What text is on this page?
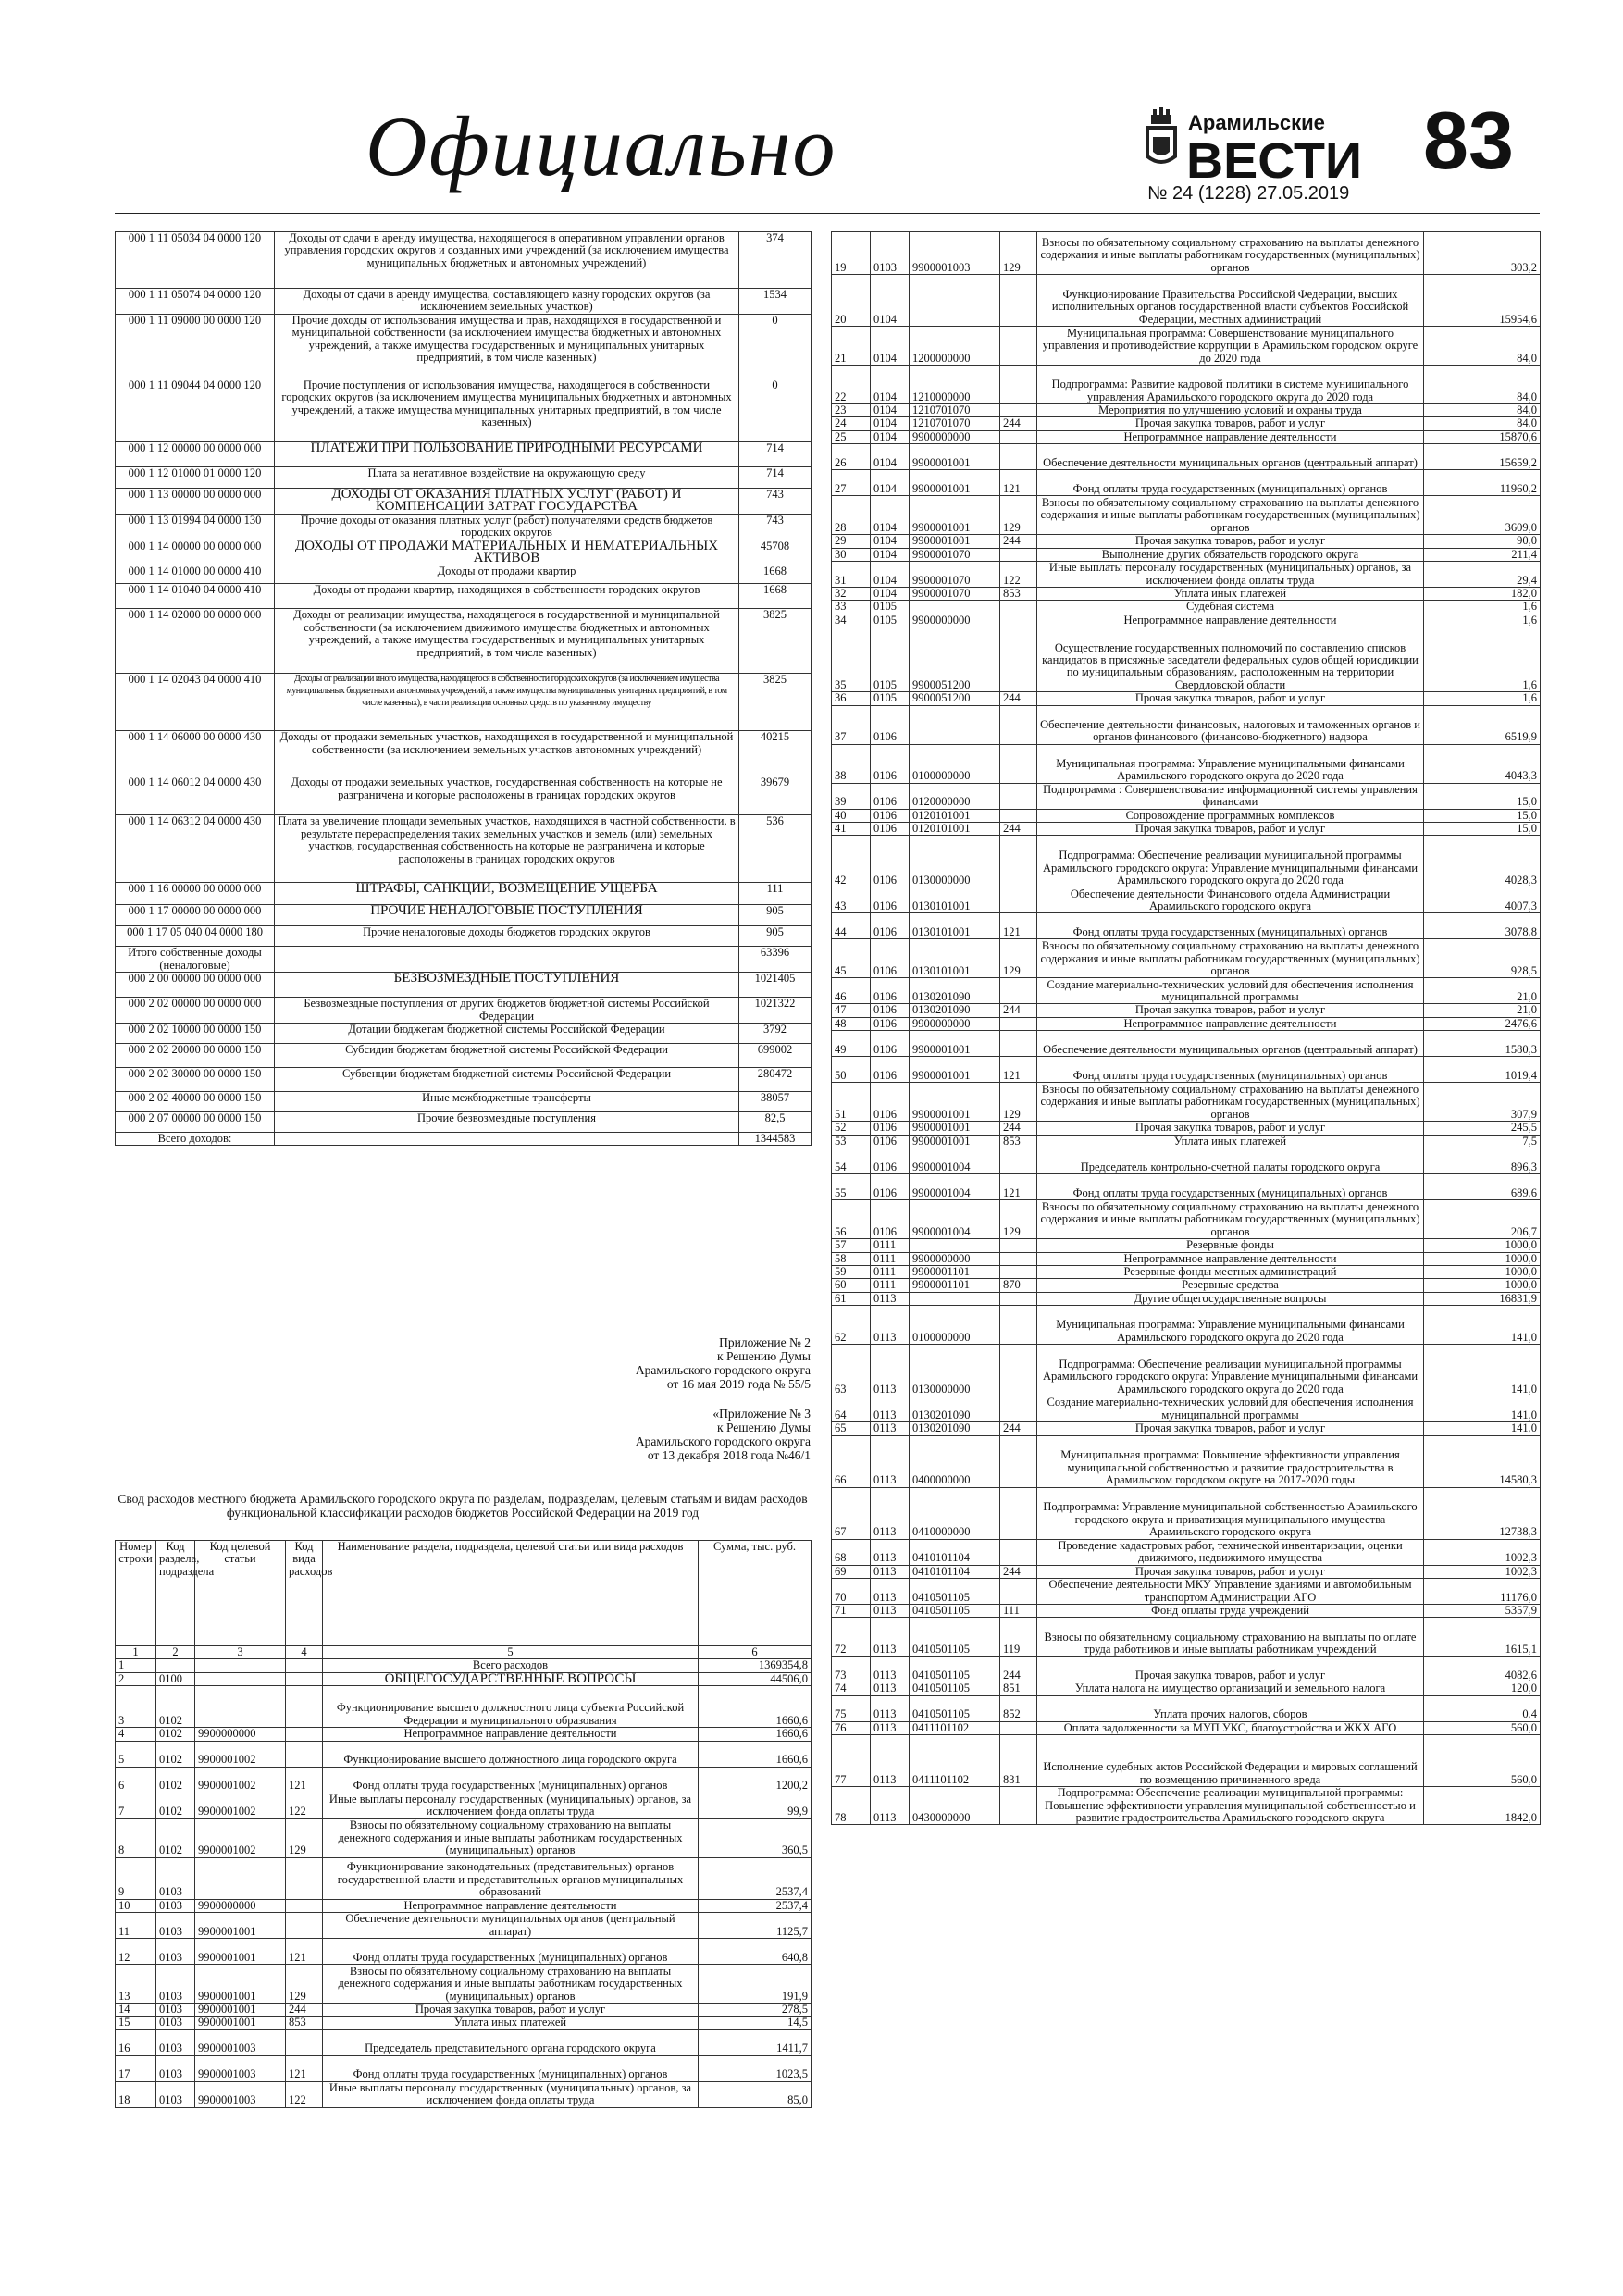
Официально	Арамильские
ВЕСТИ 83
№ 24 (1228) 27.05.2019
000 1 11 05034 04 0000 120	Доходы от сдачи в аренду имущества, находящегося в оперативном управлении органов управления городских округов и созданных ими учреждений (за исключением имущества муниципальных бюджетных и автономных учреждений)	374
000 1 11 05074 04 0000 120	Доходы от сдачи в аренду имущества, составляющего казну городских округов (за исключением земельных участков)	1534
000 1 11 09000 00 0000 120	Прочие доходы от использования имущества и прав, находящихся в государственной и муниципальной собственности (за исключением имущества бюджетных и автономных учреждений, а также имущества государственных и муниципальных унитарных предприятий, в том числе казенных)	0
000 1 11 09044 04 0000 120	Прочие поступления от использования имущества, находящегося в собственности городских округов (за исключением имущества муниципальных бюджетных и автономных учреждений, а также имущества муниципальных унитарных предприятий, в том числе казенных)	0
000 1 12 00000 00 0000 000	ПЛАТЕЖИ ПРИ ПОЛЬЗОВАНИЕ ПРИРОДНЫМИ РЕСУРСАМИ	714
000 1 12 01000 01 0000 120	Плата за негативное воздействие на окружающую среду	714
000 1 13 00000 00 0000 000	ДОХОДЫ ОТ ОКАЗАНИЯ ПЛАТНЫХ УСЛУГ (РАБОТ) И КОМПЕНСАЦИИ ЗАТРАТ ГОСУДАРСТВА	743
000 1 13 01994 04 0000 130	Прочие доходы от оказания платных услуг (работ) получателями средств бюджетов городских округов	743
000 1 14 00000 00 0000 000	ДОХОДЫ ОТ ПРОДАЖИ МАТЕРИАЛЬНЫХ И НЕМАТЕРИАЛЬНЫХ АКТИВОВ	45708
000 1 14 01000 00 0000 410	Доходы от продажи квартир	1668
000 1 14 01040 04 0000 410	Доходы от продажи квартир, находящихся в собственности городских округов	1668
000 1 14 02000 00 0000 000	Доходы от реализации имущества, находящегося в государственной и муниципальной собственности (за исключением движимого имущества бюджетных и автономных учреждений, а также имущества государственных и муниципальных унитарных предприятий, в том числе казенных)	3825
000 1 14 02043 04 0000 410	Доходы от реализации иного имущества, находящегося в собственности городских округов (за исключением имущества муниципальных бюджетных и автономных учреждений, а также имущества муниципальных унитарных предприятий, в том числе казенных), в части реализации основных средств по указанному имуществу	3825
000 1 14 06000 00 0000 430	Доходы от продажи земельных участков, находящихся в государственной и муниципальной собственности (за исключением земельных участков автономных учреждений)	40215
000 1 14 06012 04 0000 430	Доходы от продажи земельных участков, государственная собственность на которые не разграничена и которые расположены в границах городских округов	39679
000 1 14 06312 04 0000 430	Плата за увеличение площади земельных участков, находящихся в частной собственности, в результате перераспределения таких земельных участков и земель (или) земельных участков, государственная собственность на которые не разграничена и которые расположены в границах городских округов	536
000 1 16 00000 00 0000 000	ШТРАФЫ, САНКЦИИ, ВОЗМЕЩЕНИЕ УЩЕРБА	111
000 1 17 00000 00 0000 000	ПРОЧИЕ НЕНАЛОГОВЫЕ ПОСТУПЛЕНИЯ	905
000 1 17 05 040 04 0000 180	Прочие неналоговые доходы бюджетов городских округов	905
Итого собственные доходы (неналоговые)		63396
000 2 00 00000 00 0000 000	БЕЗВОЗМЕЗДНЫЕ ПОСТУПЛЕНИЯ	1021405
000 2 02 00000 00 0000 000	Безвозмездные поступления от других бюджетов бюджетной системы Российской Федерации	1021322
000 2 02 10000 00 0000 150	Дотации бюджетам бюджетной системы Российской Федерации	3792
000 2 02 20000 00 0000 150	Субсидии бюджетам бюджетной системы Российской Федерации	699002
000 2 02 30000 00 0000 150	Субвенции бюджетам бюджетной системы Российской Федерации	280472
000 2 02 40000 00 0000 150	Иные межбюджетные трансферты	38057
000 2 07 00000 00 0000 150	Прочие безвозмездные поступления	82,5
Всего доходов:		1344583
Приложение № 2
к Решению Думы
Арамильского городского округа
от 16 мая 2019 года № 55/5
«Приложение № 3
к Решению Думы
Арамильского городского округа
от 13 декабря 2018 года №46/1
Свод расходов местного бюджета Арамильского городского округа по разделам, подразделам, целевым статьям и видам расходов функциональной классификации расходов бюджетов Российской Федерации на 2019 год
Номер строки	Код раздела, подраздела	Код целевой статьи	Код вида расходов	Наименование раздела, подраздела, целевой статьи или вида расходов	Сумма, тыс. руб.
1	2	3	4	5	6
1				Всего расходов	1369354,8
2	0100			ОБЩЕГОСУДАРСТВЕННЫЕ ВОПРОСЫ	44506,0
3	0102			Функционирование высшего должностного лица субъекта Российской Федерации и муниципального образования	1660,6
4	0102	9900000000		Непрограммное направление деятельности	1660,6
5	0102	9900001002		Функционирование высшего должностного лица городского округа	1660,6
6	0102	9900001002	121	Фонд оплаты труда государственных (муниципальных) органов	1200,2
7	0102	9900001002	122	Иные выплаты персоналу государственных (муниципальных) органов, за исключением фонда оплаты труда	99,9
8	0102	9900001002	129	Взносы по обязательному социальному страхованию на выплаты денежного содержания и иные выплаты работникам государственных (муниципальных) органов	360,5
9	0103			Функционирование законодательных (представительных) органов государственной власти и представительных органов муниципальных образований	2537,4
10	0103	9900000000		Непрограммное направление деятельности	2537,4
11	0103	9900001001		Обеспечение деятельности муниципальных органов (центральный аппарат)	1125,7
12	0103	9900001001	121	Фонд оплаты труда государственных (муниципальных) органов	640,8
13	0103	9900001001	129	Взносы по обязательному социальному страхованию на выплаты денежного содержания и иные выплаты работникам государственных (муниципальных) органов	191,9
14	0103	9900001001	244	Прочая закупка товаров, работ и услуг	278,5
15	0103	9900001001	853	Уплата иных платежей	14,5
16	0103	9900001003		Председатель представительного органа городского округа	1411,7
17	0103	9900001003	121	Фонд оплаты труда государственных (муниципальных) органов	1023,5
18	0103	9900001003	122	Иные выплаты персоналу государственных (муниципальных) органов, за исключением фонда оплаты труда	85,0
19	0103	9900001003	129	Взносы по обязательному социальному страхованию на выплаты денежного содержания и иные выплаты работникам государственных (муниципальных) органов	303,2
20	0104			Функционирование Правительства Российской Федерации, высших исполнительных органов государственной власти субъектов Российской Федерации, местных администраций	15954,6
21	0104	1200000000		Муниципальная программа: Совершенствование муниципального управления и противодействие коррупции в Арамильском городском округе до 2020 года	84,0
22	0104	1210000000		Подпрограмма: Развитие кадровой политики в системе муниципального управления Арамильского городского округа до 2020 года	84,0
23	0104	1210701070		Мероприятия по улучшению условий и охраны труда	84,0
24	0104	1210701070	244	Прочая закупка товаров, работ и услуг	84,0
25	0104	9900000000		Непрограммное направление деятельности	15870,6
26	0104	9900001001		Обеспечение деятельности муниципальных органов (центральный аппарат)	15659,2
27	0104	9900001001	121	Фонд оплаты труда государственных (муниципальных) органов	11960,2
28	0104	9900001001	129	Взносы по обязательному социальному страхованию на выплаты денежного содержания и иные выплаты работникам государственных (муниципальных) органов	3609,0
29	0104	9900001001	244	Прочая закупка товаров, работ и услуг	90,0
30	0104	9900001070		Выполнение других обязательств городского округа	211,4
31	0104	9900001070	122	Иные выплаты персоналу государственных (муниципальных) органов, за исключением фонда оплаты труда	29,4
32	0104	9900001070	853	Уплата иных платежей	182,0
33	0105			Судебная система	1,6
34	0105	9900000000		Непрограммное направление деятельности	1,6
35	0105	9900051200		Осуществление государственных полномочий по составлению списков кандидатов в присяжные заседатели федеральных судов общей юрисдикции по муниципальным образованиям, расположенным на территории Свердловской области	1,6
36	0105	9900051200	244	Прочая закупка товаров, работ и услуг	1,6
37	0106			Обеспечение деятельности финансовых, налоговых и таможенных органов и органов финансового (финансово-бюджетного) надзора	6519,9
38	0106	0100000000		Муниципальная программа: Управление муниципальными финансами Арамильского городского округа до 2020 года	4043,3
39	0106	0120000000		Подпрограмма : Совершенствование информационной системы управления финансами	15,0
40	0106	0120101001		Сопровождение программных комплексов	15,0
41	0106	0120101001	244	Прочая закупка товаров, работ и услуг	15,0
42	0106	0130000000		Подпрограмма: Обеспечение реализации муниципальной программы Арамильского городского округа: Управление муниципальными финансами Арамильского городского округа до 2020 года	4028,3
43	0106	0130101001		Обеспечение деятельности Финансового отдела Администрации Арамильского городского округа	4007,3
44	0106	0130101001	121	Фонд оплаты труда государственных (муниципальных) органов	3078,8
45	0106	0130101001	129	Взносы по обязательному социальному страхованию на выплаты денежного содержания и иные выплаты работникам государственных (муниципальных) органов	928,5
46	0106	0130201090		Создание материально-технических условий для обеспечения исполнения муниципальной программы	21,0
47	0106	0130201090	244	Прочая закупка товаров, работ и услуг	21,0
48	0106	9900000000		Непрограммное направление деятельности	2476,6
49	0106	9900001001		Обеспечение деятельности муниципальных органов (центральный аппарат)	1580,3
50	0106	9900001001	121	Фонд оплаты труда государственных (муниципальных) органов	1019,4
51	0106	9900001001	129	Взносы по обязательному социальному страхованию на выплаты денежного содержания и иные выплаты работникам государственных (муниципальных) органов	307,9
52	0106	9900001001	244	Прочая закупка товаров, работ и услуг	245,5
53	0106	9900001001	853	Уплата иных платежей	7,5
54	0106	9900001004		Председатель контрольно-счетной палаты городского округа	896,3
55	0106	9900001004	121	Фонд оплаты труда государственных (муниципальных) органов	689,6
56	0106	9900001004	129	Взносы по обязательному социальному страхованию на выплаты денежного содержания и иные выплаты работникам государственных (муниципальных) органов	206,7
57	0111			Резервные фонды	1000,0
58	0111	9900000000		Непрограммное направление деятельности	1000,0
59	0111	9900001101		Резервные фонды местных администраций	1000,0
60	0111	9900001101	870	Резервные средства	1000,0
61	0113			Другие общегосударственные вопросы	16831,9
62	0113	0100000000		Муниципальная программа: Управление муниципальными финансами Арамильского городского округа до 2020 года	141,0
63	0113	0130000000		Подпрограмма: Обеспечение реализации муниципальной программы Арамильского городского округа: Управление муниципальными финансами Арамильского городского округа до 2020 года	141,0
64	0113	0130201090		Создание материально-технических условий для обеспечения исполнения муниципальной программы	141,0
65	0113	0130201090	244	Прочая закупка товаров, работ и услуг	141,0
66	0113	0400000000		Муниципальная программа: Повышение эффективности управления муниципальной собственностью и развитие градостроительства в Арамильском городском округе на 2017-2020 годы	14580,3
67	0113	0410000000		Подпрограмма: Управление муниципальной собственностью Арамильского городского округа и приватизация муниципального имущества Арамильского городского округа	12738,3
68	0113	0410101104		Проведение кадастровых работ, технической инвентаризации, оценки движимого, недвижимого имущества	1002,3
69	0113	0410101104	244	Прочая закупка товаров, работ и услуг	1002,3
70	0113	0410501105		Обеспечение деятельности МКУ Управление зданиями и автомобильным транспортом Администрации АГО	11176,0
71	0113	0410501105	111	Фонд оплаты труда учреждений	5357,9
72	0113	0410501105	119	Взносы по обязательному социальному страхованию на выплаты по оплате труда работников и иные выплаты работникам учреждений	1615,1
73	0113	0410501105	244	Прочая закупка товаров, работ и услуг	4082,6
74	0113	0410501105	851	Уплата налога на имущество организаций и земельного налога	120,0
75	0113	0410501105	852	Уплата прочих налогов, сборов	0,4
76	0113	0411101102		Оплата задолженности за МУП УКС, благоустройства и ЖКХ АГО	560,0
77	0113	0411101102	831	Исполнение судебных актов Российской Федерации и мировых соглашений по возмещению причиненного вреда	560,0
78	0113	0430000000		Подпрограмма: Обеспечение реализации муниципальной программы: Повышение эффективности управления муниципальной собственностью и развитие градостроительства Арамильского городского округа	1842,0
